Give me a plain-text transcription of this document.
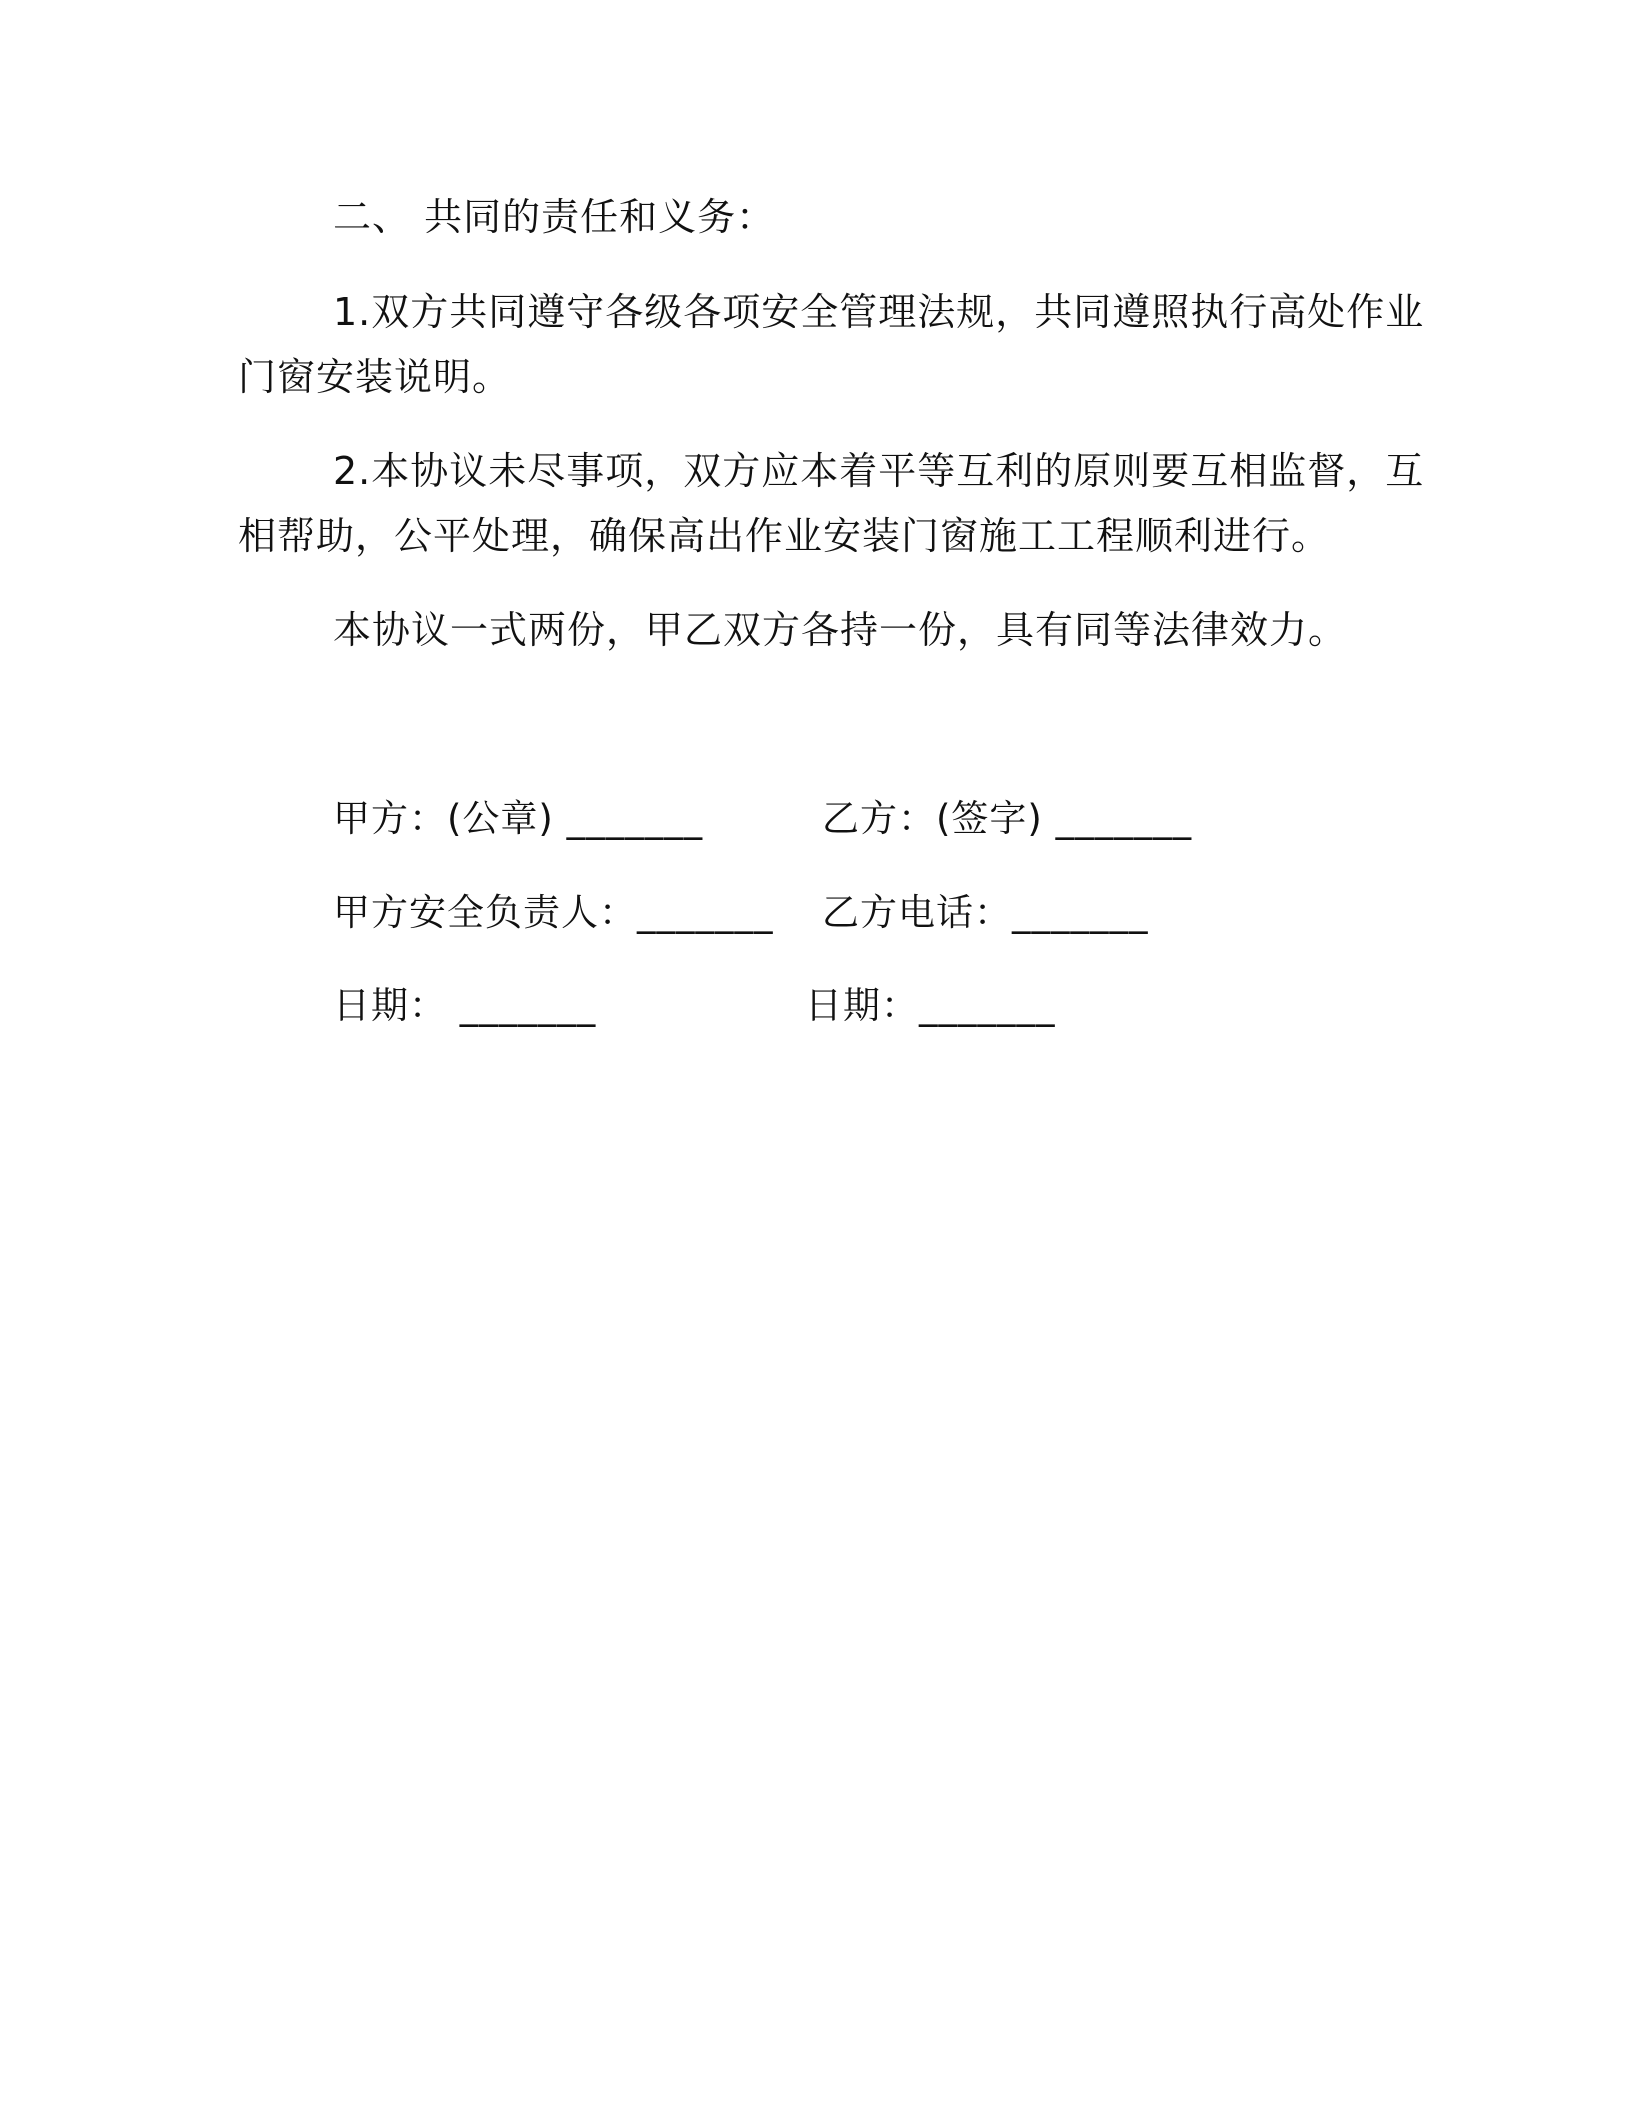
二、 共同的责任和义务：
1.双方共同遵守各级各项安全管理法规，共同遵照执行高处作业
门窗安装说明。
2.本协议未尽事项，双方应本着平等互利的原则要互相监督，互
相帮助，公平处理，确保高出作业安装门窗施工工程顺利进行。
本协议一式两份，甲乙双方各持一份，具有同等法律效力。
甲方：(公章) _______	乙方：(签字) _______
甲方安全负责人：_______ 乙方电话：_______
日期： _______	日期：_______
